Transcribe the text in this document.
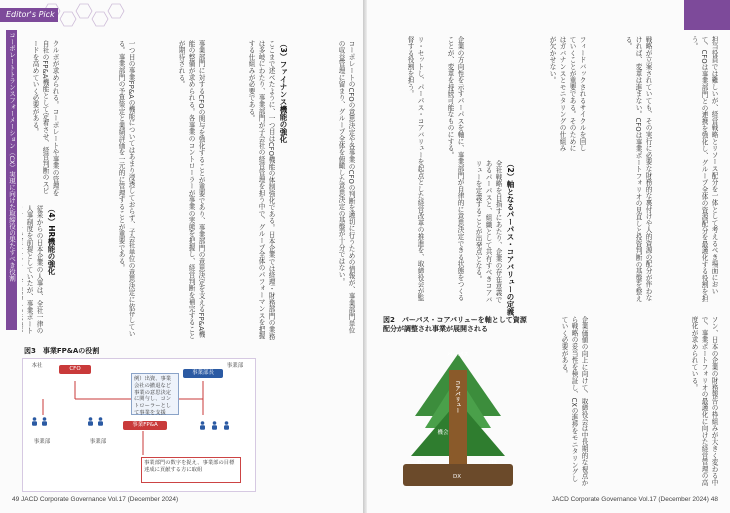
Editor's Pick
コーポレートトランスフォーメーション（CX）実現に向けた取締役の果たすべき役割	コーポレートのCFOの意思決定や各事業のCFOの判断を適切に行うための情報が、事業部門単位の収益管理に留まり、グループ全体を俯瞰した意思決定の基盤が十分ではない。
（3）ファイナンス機能の強化
ここまで述べたように、一つ目はCFO機能の体制強化である。日本企業では経理・財務部門の業務は多岐にわたり、事業部門が子会社の経営管理を担う中で、グループ全体のパフォーマンスを把握する仕組みが必要である。
事業部門に対するCFOの関与を強化することが重要であり、事業部門の意思決定を支えるFP&A機能の整備が求められる。各事業のコントローラーが事業の実態を把握し、経営判断を補完することが期待される。
一つ目の事業FP&Aの機能についてはあまり浸透しておらず、子会社単位の意思決定に依存している。事業部門の予算策定と業績評価を一元的に管理することが重要である。
クルボが求められる。コーポレートや事業の管理を自社のFP&A機能として定着させ、経営判断のスピードを高めていく必要がある。
（4）HR機能の強化
従来からの日本企業の人事は、全社一律の人事制度を前提としていたが、事業ポート
図3　事業FP&Aの役割
本社	CFO	事業部
事業部長
事業FP&A
事業部	事業部
例）出資、事業会社の撤退など事業の意思決定に関与し、コントローラーとして事業を支援
事業部門の数字を捉え、事業部の目標達成に貢献する方に取組
49 JACD Corporate Governance Vol.17 (December 2024)
担当役員では難しいが、経営戦略とリソース配分を一体として考えるべき場面において、CFOは事業部門との連携を強化し、グループ全体の資源配分を最適化する役割を担う。
戦略が立案されていても、その実行に必要な財務的な裏付けや人的資源の配分が伴わなければ、変革は進まない。CFOは事業ポートフォリオの見直しと投資判断の基盤を整える。
フィードバックされるサイクルを回していくことが重要である。そのためにはガバナンスとモニタリングの仕組みが欠かせない。
（2）軸となるパーパス・コアバリューの定義
全社戦略を目指すにあたり、企業の存在意義であるパーパスと、組織として共有すべきコアバリューを定義することが出発点となる。
企業の方向性を示すパーパスを軸に、事業部門が自律的に意思決定できる状態をつくることが、変革を持続可能なものにする。
リ・セットし、パーパス・コアバリューを起点とした経営改革の推進を、取締役会が監督する役割を担う。
図2　パーパス・コアバリューを軸として資源配分が調整され事業が展開される
パーパス
コアバリュー
Fin
機会
HR
DX	ソン、日本の企業の財務報告の枠組みが大きく変わる中で、事業ポートフォリオの最適化に向けた経営管理の高度化が求められている。
企業価値の向上に向けて、取締役会は中長期的な視点から戦略の妥当性を検証し、CXの進捗をモニタリングしていく必要がある。
JACD Corporate Governance Vol.17 (December 2024) 48
